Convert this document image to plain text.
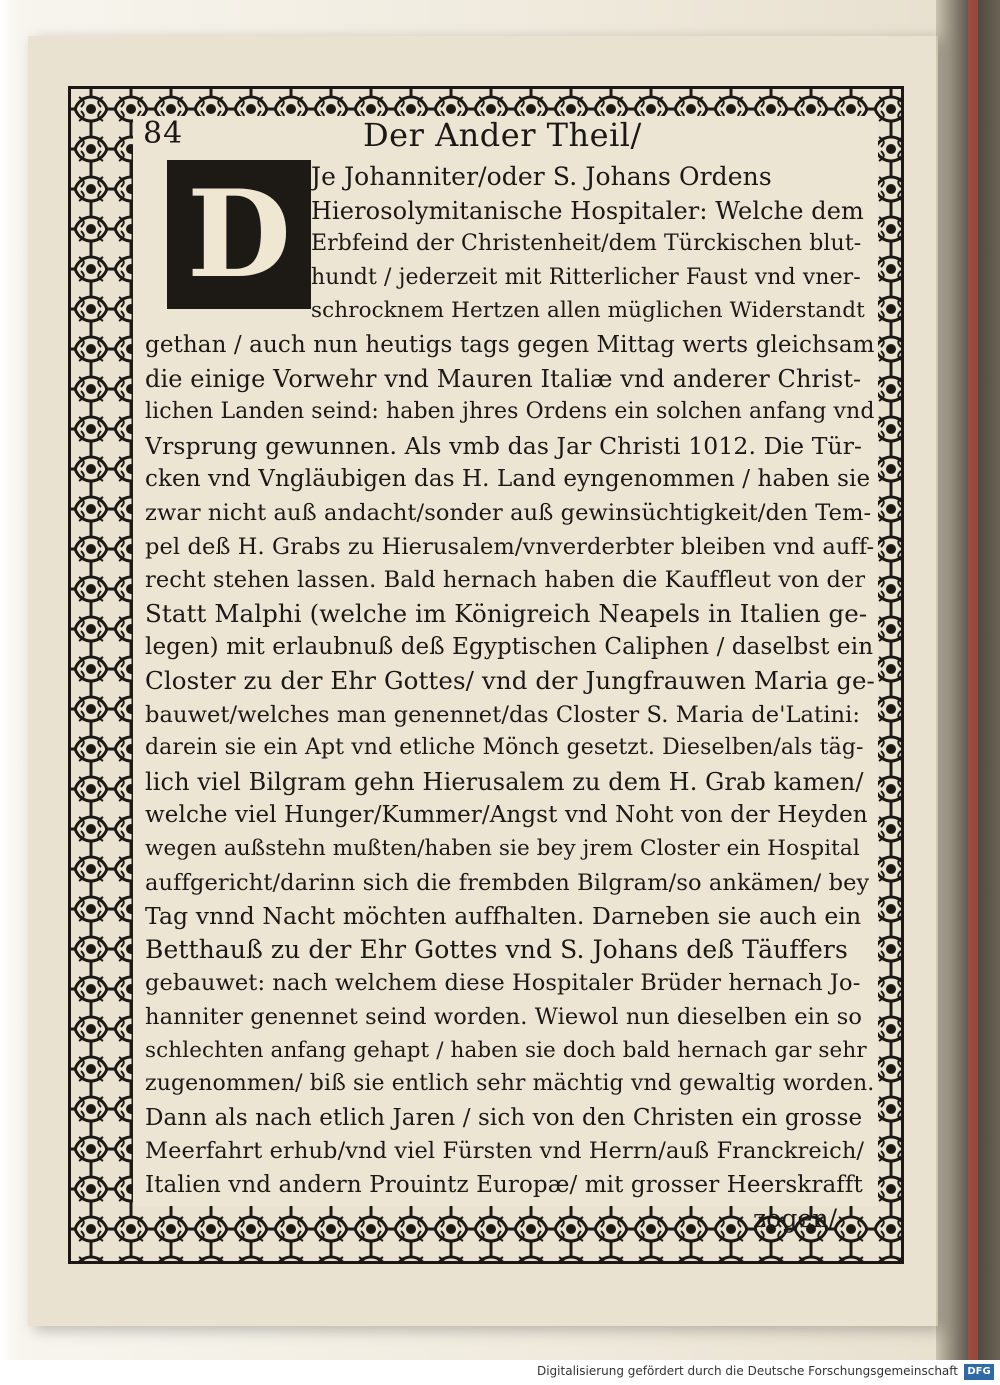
84	Der Ander Theil/
D Je Johanniter/oder S. Johans Ordens
Hierosolymitanische Hospitaler: Welche dem
Erbfeind der Christenheit/dem Türckischen blut-
hundt / jederzeit mit Ritterlicher Faust vnd vner-
schrocknem Hertzen allen müglichen Widerstandt
gethan / auch nun heutigs tags gegen Mittag werts gleichsam
die einige Vorwehr vnd Mauren Italiæ vnd anderer Christ-
lichen Landen seind: haben jhres Ordens ein solchen anfang vnd
Vrsprung gewunnen. Als vmb das Jar Christi 1012. Die Tür-
cken vnd Vngläubigen das H. Land eyngenommen / haben sie
zwar nicht auß andacht/sonder auß gewinsüchtigkeit/den Tem-
pel deß H. Grabs zu Hierusalem/vnverderbter bleiben vnd auff-
recht stehen lassen. Bald hernach haben die Kauffleut von der
Statt Malphi (welche im Königreich Neapels in Italien ge-
legen) mit erlaubnuß deß Egyptischen Caliphen / daselbst ein
Closter zu der Ehr Gottes/ vnd der Jungfrauwen Maria ge-
bauwet/welches man genennet/das Closter S. Maria de'Latini:
darein sie ein Apt vnd etliche Mönch gesetzt. Dieselben/als täg-
lich viel Bilgram gehn Hierusalem zu dem H. Grab kamen/
welche viel Hunger/Kummer/Angst vnd Noht von der Heyden
wegen außstehn mußten/haben sie bey jrem Closter ein Hospital
auffgericht/darinn sich die frembden Bilgram/so ankämen/ bey
Tag vnnd Nacht möchten auffhalten. Darneben sie auch ein
Betthauß zu der Ehr Gottes vnd S. Johans deß Täuffers
gebauwet: nach welchem diese Hospitaler Brüder hernach Jo-
hanniter genennet seind worden. Wiewol nun dieselben ein so
schlechten anfang gehapt / haben sie doch bald hernach gar sehr
zugenommen/ biß sie entlich sehr mächtig vnd gewaltig worden.
Dann als nach etlich Jaren / sich von den Christen ein grosse
Meerfahrt erhub/vnd viel Fürsten vnd Herrn/auß Franckreich/
Italien vnd andern Prouintz Europæ/ mit grosser Heerskrafft
zogen/
Digitalisierung gefördert durch die Deutsche Forschungsgemeinschaft DFG
